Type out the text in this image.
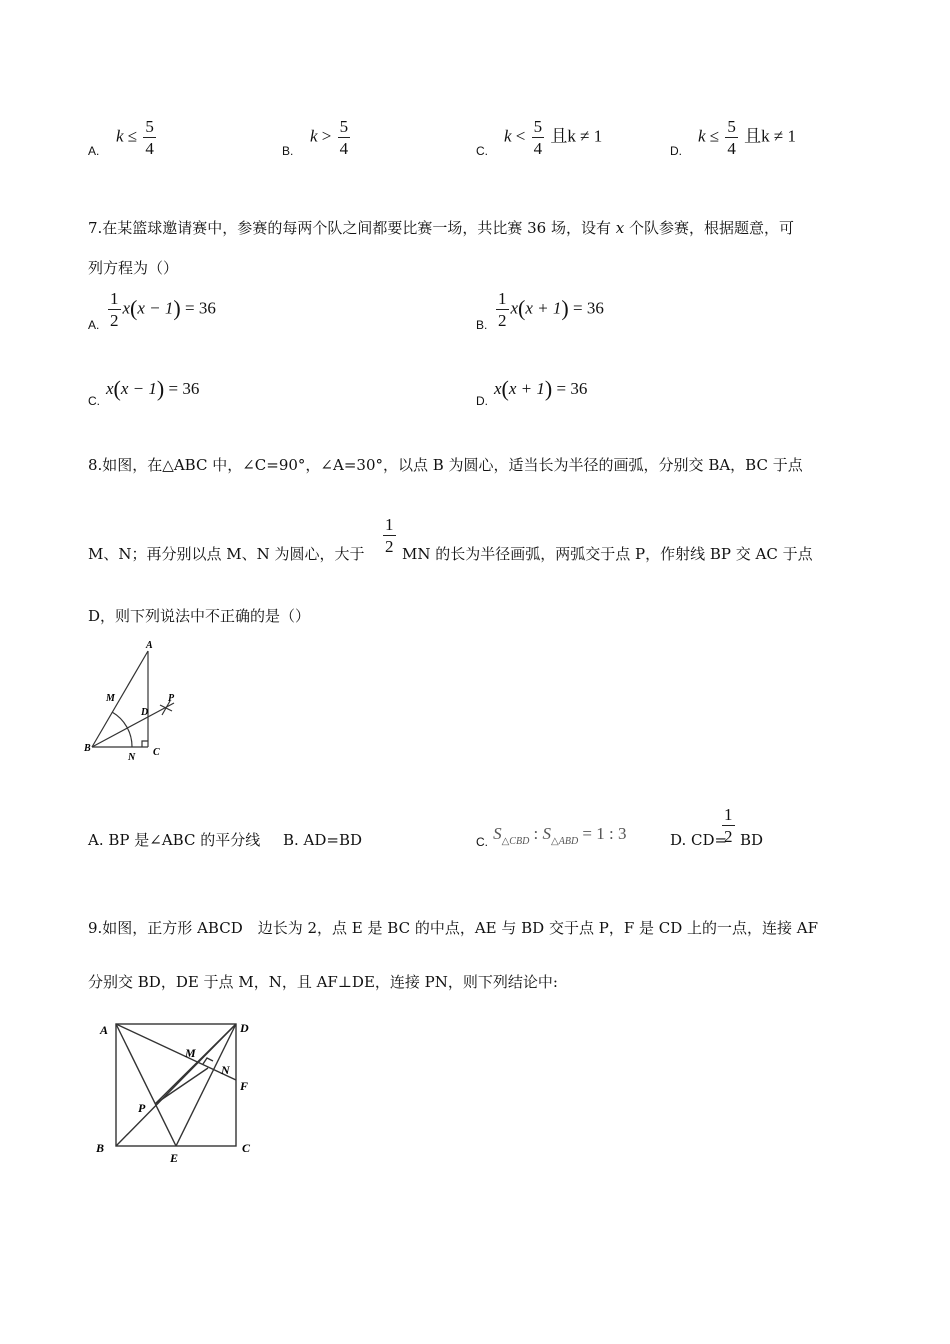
$_{A.}$
$k \le \frac{5}{4}$	$_{B.}$
$k > \frac{5}{4}$	$_{C.}$
$k < \frac{5}{4}$ 且k ≠ 1
$_{D.}$
$k \le \frac{5}{4}$ 且k ≠ 1
7.在某篮球邀请赛中，参赛的每两个队之间都要比赛一场，共比赛 36 场，设有 x 个队参赛，根据题意，可
列方程为（）
A. $\frac{1}{2} x(x - 1) = 36$
B. $\frac{1}{2} x(x + 1) = 36$
C.
x(x − 1) = 36
D.
x(x + 1) = 36
8.如图，在△ABC 中，∠C=90°，∠A=30°，以点 B 为圆心，适当长为半径的画弧，分别交 BA，BC 于点
M、N；再分别以点 M、N 为圆心，大于 $\frac{1}{2}$ MN 的长为半径画弧，两弧交于点 P，作射线 BP 交 AC 于点
D，则下列说法中不正确的是（）
A
M	P
D
B
N C
A. BP 是∠ABC 的平分线 B. AD=BD	$_{C.}$ $S_{\triangle CBD}$ : $S_{\triangle ABD} = 1$ : 3	D. CD=
$\frac{1}{2}$ BD
9.如图，正方形 ABCD　边长为 2，点 E 是 BC 的中点，AE 与 BD 交于点 P，F 是 CD 上的一点，连接 AF
分别交 BD，DE 于点 M，N，且 AF⊥DE，连接 PN，则下列结论中:
A	D
M
N
F
P
B
E
C
